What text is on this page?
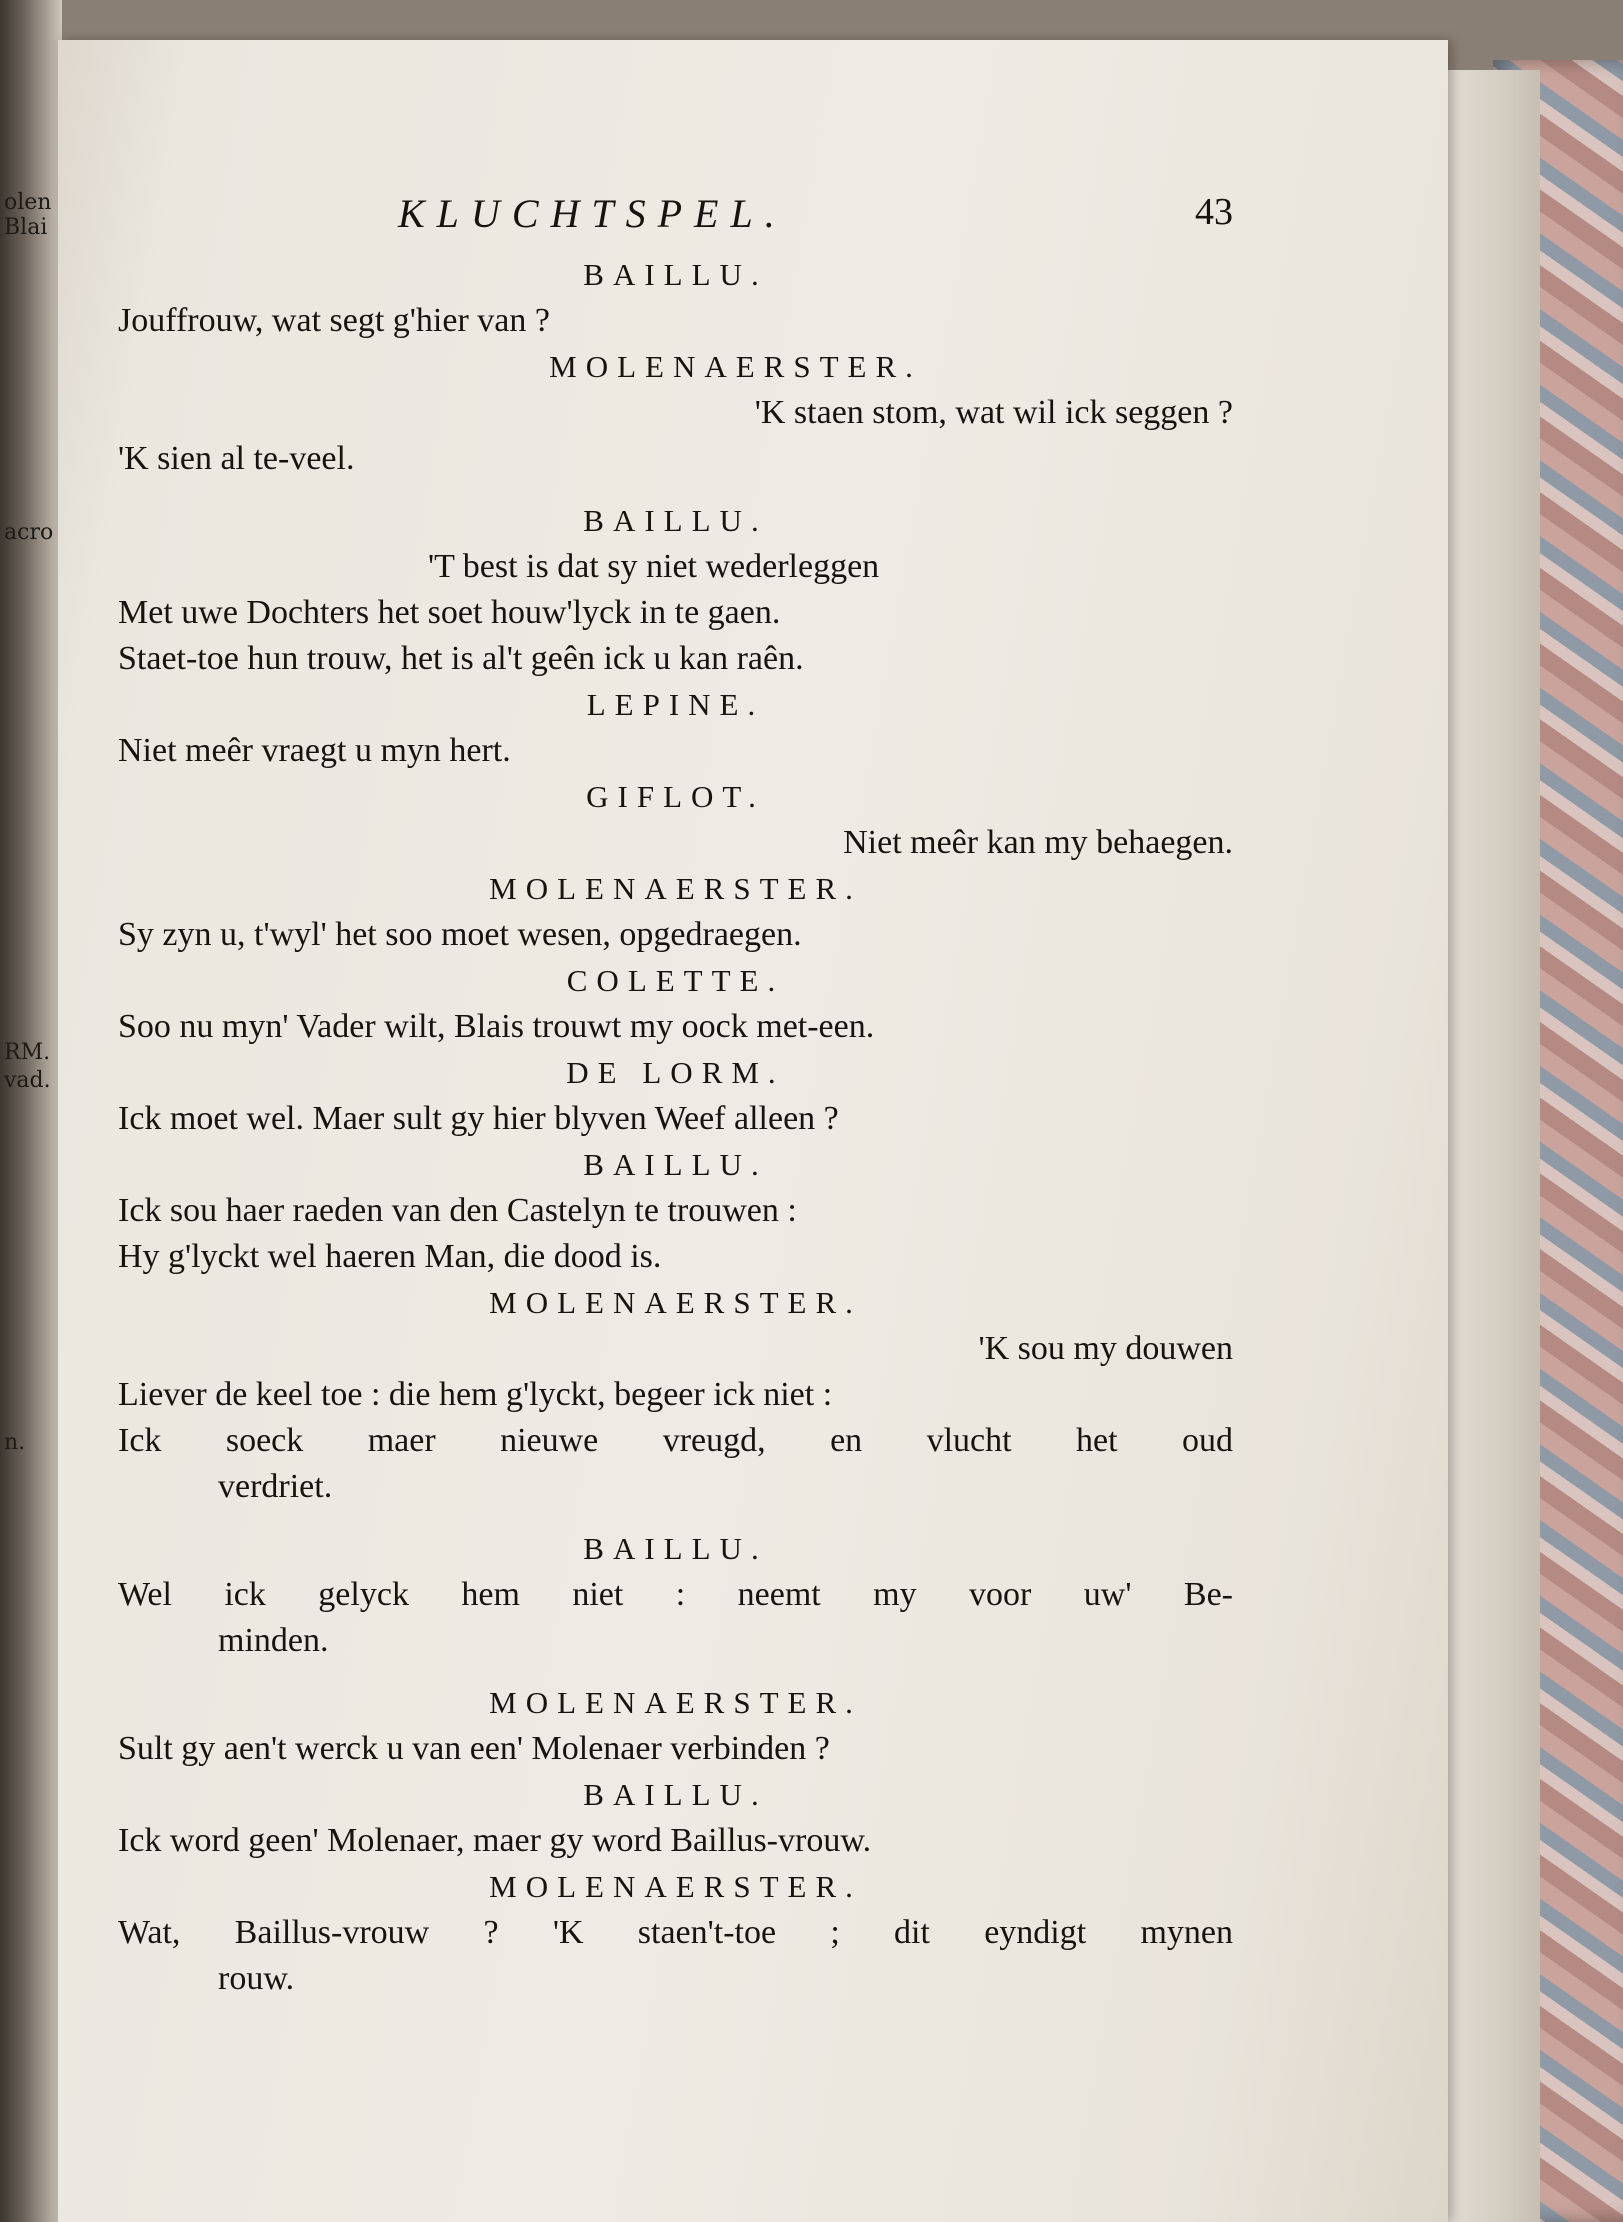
olen
Blai
acro
RM.
vad.
n.
KLUCHTSPEL.	43
BAILLU.
Jouffrouw, wat segt g'hier van ?
MOLENAERSTER.
'K staen stom, wat wil ick seggen ?
'K sien al te-veel.
BAILLU.
'T best is dat sy niet wederleggen
Met uwe Dochters het soet houw'lyck in te gaen.
Staet-toe hun trouw, het is al't geên ick u kan raên.
LEPINE.
Niet meêr vraegt u myn hert.
GIFLOT.
Niet meêr kan my behaegen.
MOLENAERSTER.
Sy zyn u, t'wyl' het soo moet wesen, opgedraegen.
COLETTE.
Soo nu myn' Vader wilt, Blais trouwt my oock met-een.
DE LORM.
Ick moet wel. Maer sult gy hier blyven Weef alleen ?
BAILLU.
Ick sou haer raeden van den Castelyn te trouwen :
Hy g'lyckt wel haeren Man, die dood is.
MOLENAERSTER.
'K sou my douwen
Liever de keel toe : die hem g'lyckt, begeer ick niet :
Ick soeck maer nieuwe vreugd, en vlucht het oud
verdriet.
BAILLU.
Wel ick gelyck hem niet : neemt my voor uw' Be-
minden.
MOLENAERSTER.
Sult gy aen't werck u van een' Molenaer verbinden ?
BAILLU.
Ick word geen' Molenaer, maer gy word Baillus-vrouw.
MOLENAERSTER.
Wat, Baillus-vrouw ? 'K staen't-toe ; dit eyndigt mynen
rouw.
